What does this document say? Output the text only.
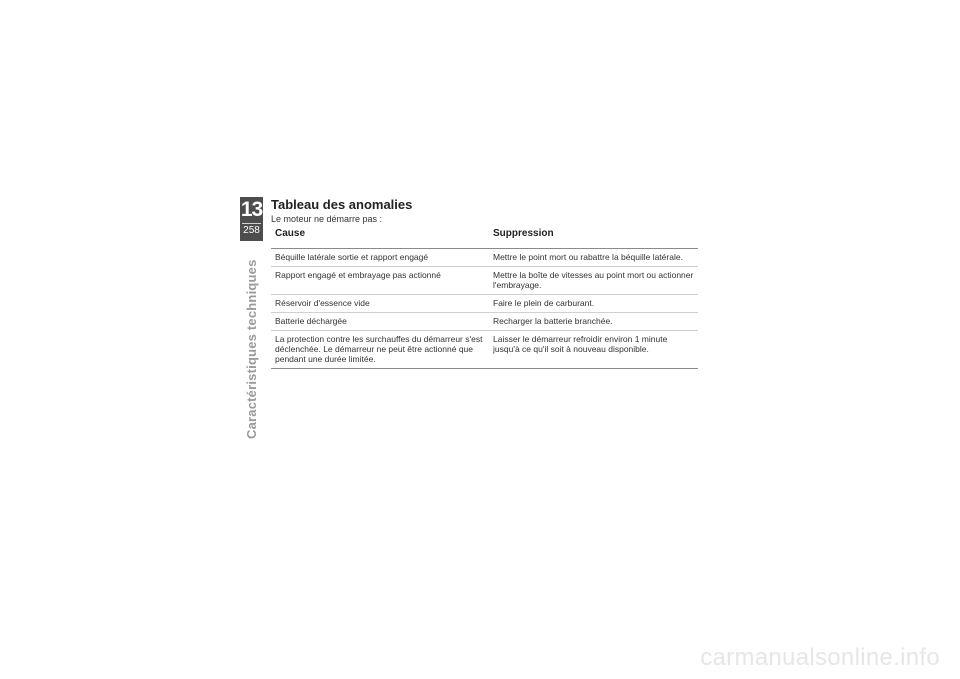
13
258
Caractéristiques techniques
Tableau des anomalies

Le moteur ne démarre pas :

Cause	Suppression
Béquille latérale sortie et rapport engagé	Mettre le point mort ou rabattre la béquille latérale.
Rapport engagé et embrayage pas actionné	Mettre la boîte de vitesses au point mort ou actionner l'embrayage.
Réservoir d'essence vide	Faire le plein de carburant.
Batterie déchargée	Recharger la batterie branchée.
La protection contre les surchauffes du démarreur s'est déclenchée. Le démarreur ne peut être actionné que pendant une durée limitée.	Laisser le démarreur refroidir environ 1 minute jusqu'à ce qu'il soit à nouveau disponible.
carmanualsonline.info
